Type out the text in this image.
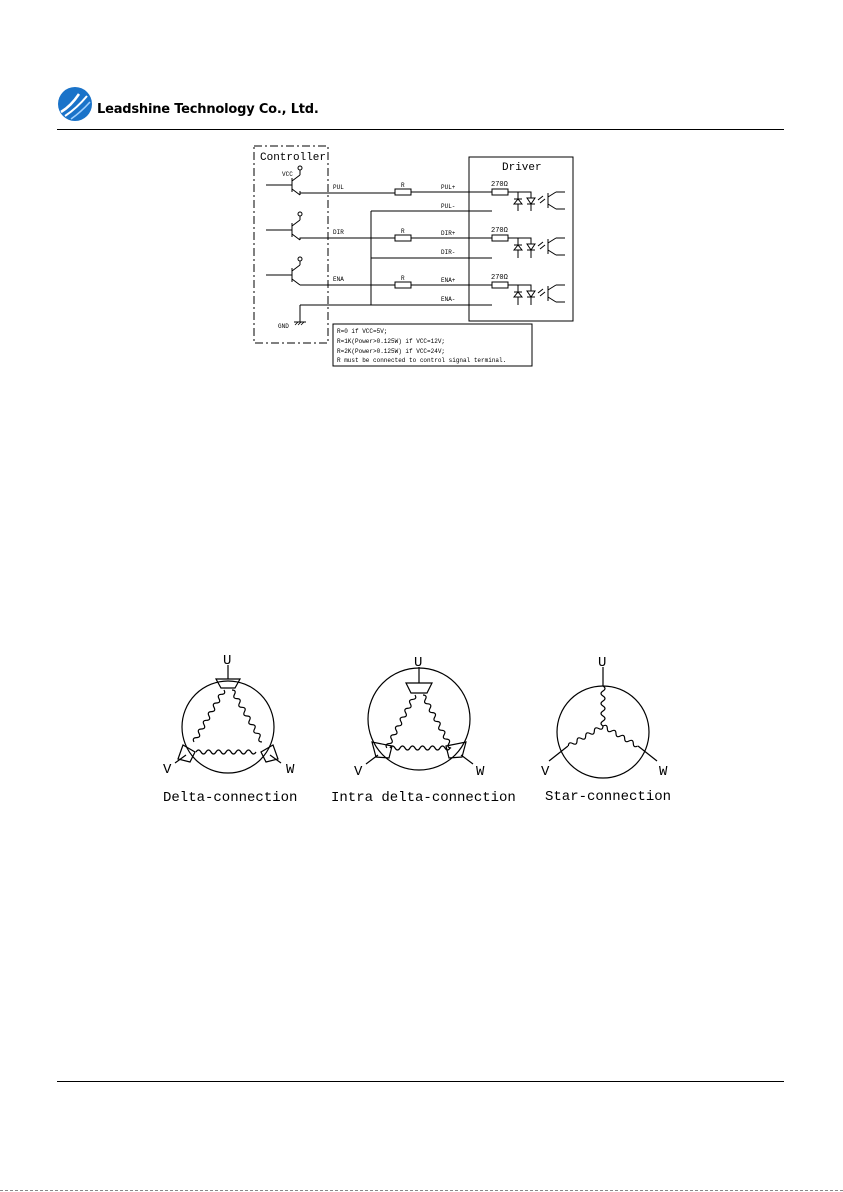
Leadshine Technology Co., Ltd.
Controller
Driver
VCC
GND
PUL
DIR
ENA
R
R
R
PUL+
PUL-
DIR+
DIR-
ENA+
ENA-
270Ω
270Ω
270Ω
R=0 if VCC=5V;
R=1K(Power>0.125W) if VCC=12V;
R=2K(Power>0.125W) if VCC=24V;
R must be connected to control signal terminal.
U
V	W
U
V	W
U
V	W
Delta-connection Intra delta-connection Star-connection
